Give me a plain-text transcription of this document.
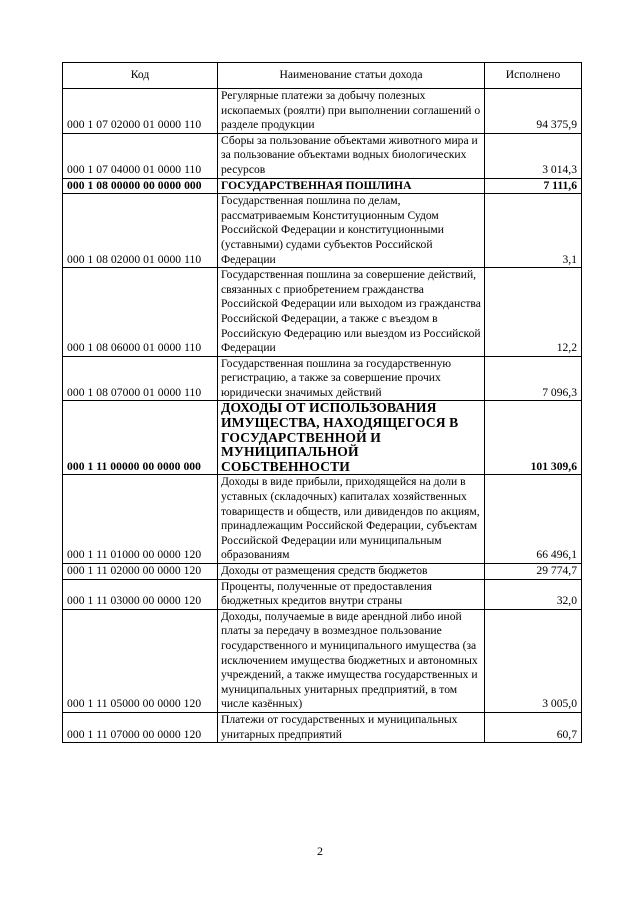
Код	Наименование статьи дохода	Исполнено
000 1 07 02000 01 0000 110	Регулярные платежи за добычу полезных ископаемых (роялти) при выполнении соглашений о разделе продукции	94 375,9
000 1 07 04000 01 0000 110	Сборы за пользование объектами животного мира и за пользование объектами водных биологических ресурсов	3 014,3
000 1 08 00000 00 0000 000	ГОСУДАРСТВЕННАЯ ПОШЛИНА	7 111,6
000 1 08 02000 01 0000 110	Государственная пошлина по делам, рассматриваемым Конституционным Судом Российской Федерации и конституционными (уставными) судами субъектов Российской Федерации	3,1
000 1 08 06000 01 0000 110	Государственная пошлина за совершение действий, связанных с приобретением гражданства Российской Федерации или выходом из гражданства Российской Федерации, а также с въездом в Российскую Федерацию или выездом из Российской Федерации	12,2
000 1 08 07000 01 0000 110	Государственная пошлина за государственную регистрацию, а также за совершение прочих юридически значимых действий	7 096,3
000 1 11 00000 00 0000 000	ДОХОДЫ ОТ ИСПОЛЬЗОВАНИЯ ИМУЩЕСТВА, НАХОДЯЩЕГОСЯ В ГОСУДАРСТВЕННОЙ И МУНИЦИПАЛЬНОЙ СОБСТВЕННОСТИ	101 309,6
000 1 11 01000 00 0000 120	Доходы в виде прибыли, приходящейся на доли в уставных (складочных) капиталах хозяйственных товариществ и обществ, или дивидендов по акциям, принадлежащим Российской Федерации, субъектам Российской Федерации или муниципальным образованиям	66 496,1
000 1 11 02000 00 0000 120	Доходы от размещения средств бюджетов	29 774,7
000 1 11 03000 00 0000 120	Проценты, полученные от предоставления бюджетных кредитов внутри страны	32,0
000 1 11 05000 00 0000 120	Доходы, получаемые в виде арендной либо иной платы за передачу в возмездное пользование государственного и муниципального имущества (за исключением имущества бюджетных и автономных учреждений, а также имущества государственных и муниципальных унитарных предприятий, в том числе казённых)	3 005,0
000 1 11 07000 00 0000 120	Платежи от государственных и муниципальных унитарных предприятий	60,7
2
